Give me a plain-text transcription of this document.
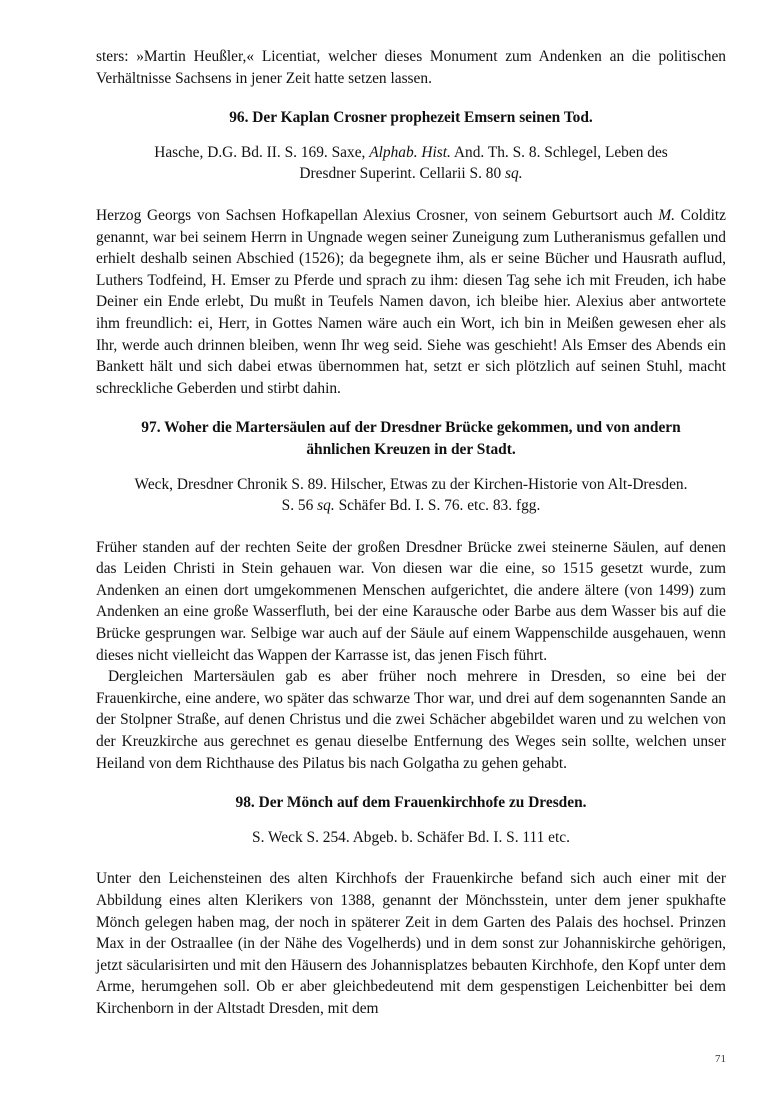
sters: »Martin Heußler,« Licentiat, welcher dieses Monument zum Andenken an die politischen Verhältnisse Sachsens in jener Zeit hatte setzen lassen.

96. Der Kaplan Crosner prophezeit Emsern seinen Tod.

Hasche, D.G. Bd. II. S. 169. Saxe, Alphab. Hist. And. Th. S. 8. Schlegel, Leben des
Dresdner Superint. Cellarii S. 80 sq.

Herzog Georgs von Sachsen Hofkapellan Alexius Crosner, von seinem Geburtsort auch M. Colditz genannt, war bei seinem Herrn in Ungnade wegen seiner Zuneigung zum Lutheranismus gefallen und erhielt deshalb seinen Abschied (1526); da begegnete ihm, als er seine Bücher und Hausrath auflud, Luthers Todfeind, H. Emser zu Pferde und sprach zu ihm: diesen Tag sehe ich mit Freuden, ich habe Deiner ein Ende erlebt, Du mußt in Teufels Namen davon, ich bleibe hier. Alexius aber antwortete ihm freundlich: ei, Herr, in Gottes Namen wäre auch ein Wort, ich bin in Meißen gewesen eher als Ihr, werde auch drinnen bleiben, wenn Ihr weg seid. Siehe was geschieht! Als Emser des Abends ein Bankett hält und sich dabei etwas übernommen hat, setzt er sich plötzlich auf seinen Stuhl, macht schreckliche Geberden und stirbt dahin.

97. Woher die Martersäulen auf der Dresdner Brücke gekommen, und von andern
ähnlichen Kreuzen in der Stadt.

Weck, Dresdner Chronik S. 89. Hilscher, Etwas zu der Kirchen-Historie von Alt-Dresden.
S. 56 sq. Schäfer Bd. I. S. 76. etc. 83. fgg.

Früher standen auf der rechten Seite der großen Dresdner Brücke zwei steinerne Säulen, auf denen das Leiden Christi in Stein gehauen war. Von diesen war die eine, so 1515 gesetzt wurde, zum Andenken an einen dort umgekommenen Menschen aufgerichtet, die andere ältere (von 1499) zum Andenken an eine große Wasserfluth, bei der eine Karausche oder Barbe aus dem Wasser bis auf die Brücke gesprungen war. Selbige war auch auf der Säule auf einem Wappenschilde ausgehauen, wenn dieses nicht vielleicht das Wappen der Karrasse ist, das jenen Fisch führt.

Dergleichen Martersäulen gab es aber früher noch mehrere in Dresden, so eine bei der Frauenkirche, eine andere, wo später das schwarze Thor war, und drei auf dem sogenannten Sande an der Stolpner Straße, auf denen Christus und die zwei Schächer abgebildet waren und zu welchen von der Kreuzkirche aus gerechnet es genau dieselbe Entfernung des Weges sein sollte, welchen unser Heiland von dem Richthause des Pilatus bis nach Golgatha zu gehen gehabt.

98. Der Mönch auf dem Frauenkirchhofe zu Dresden.

S. Weck S. 254. Abgeb. b. Schäfer Bd. I. S. 111 etc.

Unter den Leichensteinen des alten Kirchhofs der Frauenkirche befand sich auch einer mit der Abbildung eines alten Klerikers von 1388, genannt der Mönchsstein, unter dem jener spukhafte Mönch gelegen haben mag, der noch in späterer Zeit in dem Garten des Palais des hochsel. Prinzen Max in der Ostraallee (in der Nähe des Vogelherds) und in dem sonst zur Johanniskirche gehörigen, jetzt säcularisirten und mit den Häusern des Johannisplatzes bebauten Kirchhofe, den Kopf unter dem Arme, herumgehen soll. Ob er aber gleichbedeutend mit dem gespenstigen Leichenbitter bei dem Kirchenborn in der Altstadt Dresden, mit dem

71
